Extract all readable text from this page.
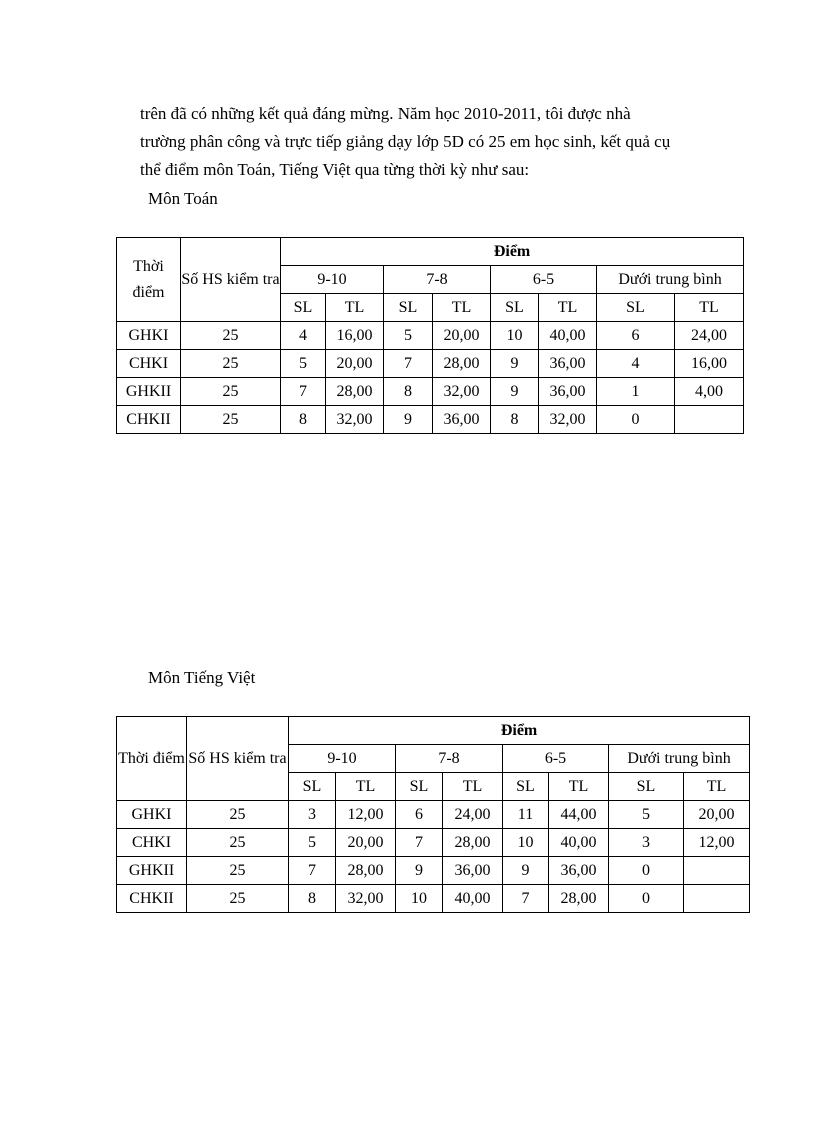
trên đã có những kết quả đáng mừng. Năm học 2010-2011, tôi được nhà

trường phân công và trực tiếp giảng dạy lớp 5D có 25 em học sinh, kết quả cụ

thể điểm môn Toán, Tiếng Việt qua từng thời kỳ như sau:

Môn Toán

Thời điểm	Số HS kiểm tra	Điểm							
		9-10		7-8		6-5		Dưới trung bình	
		SL	TL	SL	TL	SL	TL	SL	TL
GHKI	25	4	16,00	5	20,00	10	40,00	6	24,00
CHKI	25	5	20,00	7	28,00	9	36,00	4	16,00
GHKII	25	7	28,00	8	32,00	9	36,00	1	4,00
CHKII	25	8	32,00	9	36,00	8	32,00	0	

Môn Tiếng Việt

Thời điểm	Số HS kiểm tra	Điểm							
		9-10		7-8		6-5		Dưới trung bình	
		SL	TL	SL	TL	SL	TL	SL	TL
GHKI	25	3	12,00	6	24,00	11	44,00	5	20,00
CHKI	25	5	20,00	7	28,00	10	40,00	3	12,00
GHKII	25	7	28,00	9	36,00	9	36,00	0	
CHKII	25	8	32,00	10	40,00	7	28,00	0	
